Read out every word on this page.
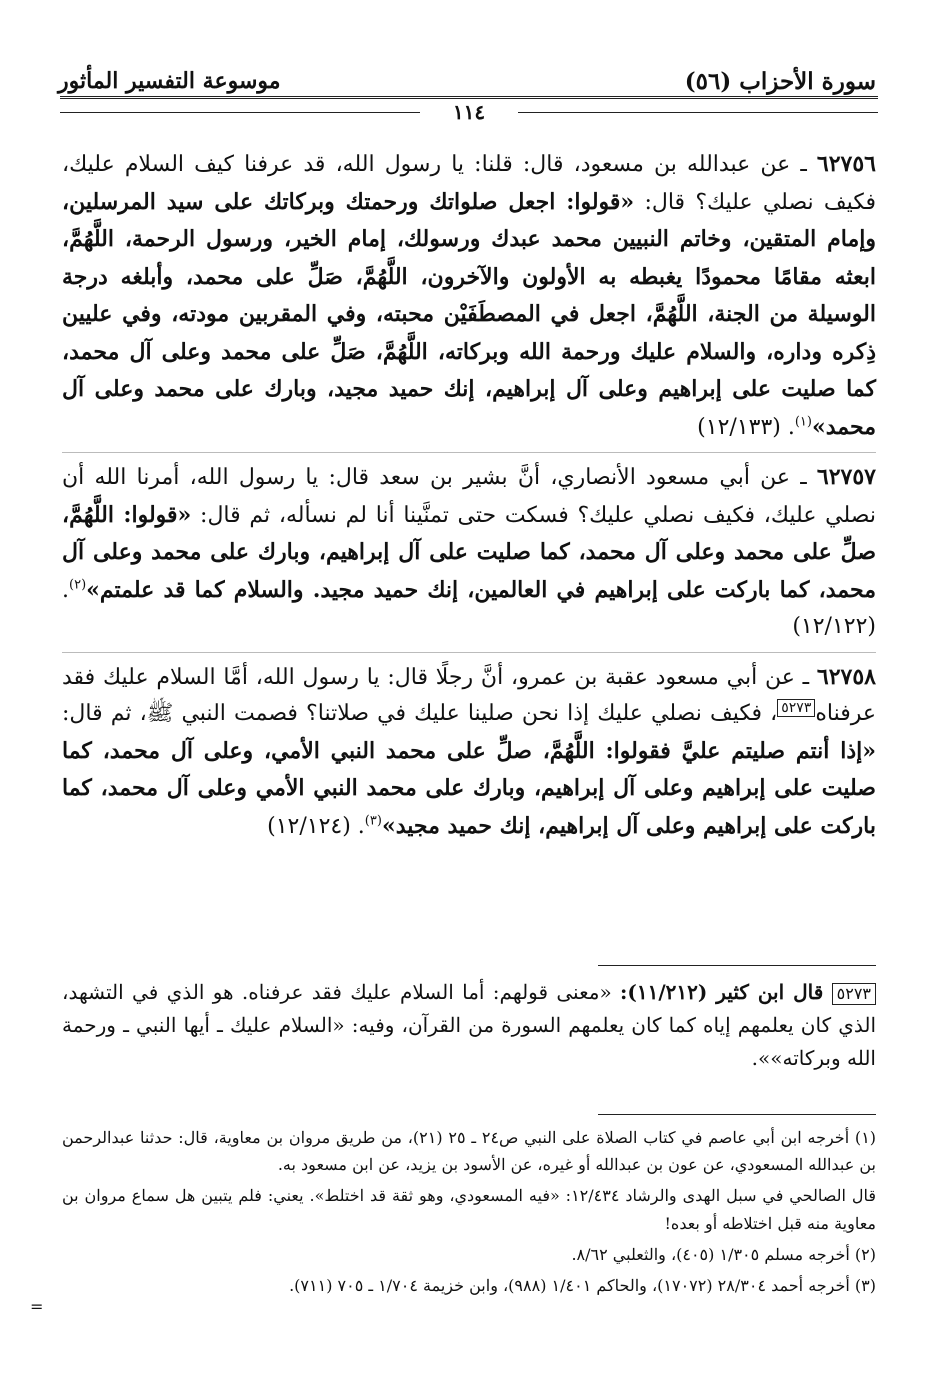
سورة الأحزاب (٥٦)
موسوعة التفسير المأثور
١١٤

٦٢٧٥٦ ـ عن عبدالله بن مسعود، قال: قلنا: يا رسول الله، قد عرفنا كيف السلام عليك، فكيف نصلي عليك؟ قال: «قولوا: اجعل صلواتك ورحمتك وبركاتك على سيد المرسلين، وإمام المتقين، وخاتم النبيين محمد عبدك ورسولك، إمام الخير، ورسول الرحمة، اللَّهُمَّ، ابعثه مقامًا محمودًا يغبطه به الأولون والآخرون، اللَّهُمَّ، صَلِّ على محمد، وأبلغه درجة الوسيلة من الجنة، اللَّهُمَّ، اجعل في المصطَفَيْن محبته، وفي المقربين مودته، وفي عليين ذِكره وداره، والسلام عليك ورحمة الله وبركاته، اللَّهُمَّ، صَلِّ على محمد وعلى آل محمد، كما صليت على إبراهيم وعلى آل إبراهيم، إنك حميد مجيد، وبارك على محمد وعلى آل محمد»$^{(١)}$. (١٢/١٣٣)

٦٢٧٥٧ ـ عن أبي مسعود الأنصاري، أنَّ بشير بن سعد قال: يا رسول الله، أمرنا الله أن نصلي عليك، فكيف نصلي عليك؟ فسكت حتى تمنَّينا أنا لم نسأله، ثم قال: «قولوا: اللَّهُمَّ، صلِّ على محمد وعلى آل محمد، كما صليت على آل إبراهيم، وبارك على محمد وعلى آل محمد، كما باركت على إبراهيم في العالمين، إنك حميد مجيد. والسلام كما قد علمتم»$^{(٢)}$. (١٢/١٢٢)

٦٢٧٥٨ ـ عن أبي مسعود عقبة بن عمرو، أنَّ رجلًا قال: يا رسول الله، أمَّا السلام عليك فقد عرفناه٥٢٧٣، فكيف نصلي عليك إذا نحن صلينا عليك في صلاتنا؟ فصمت النبي ﷺ، ثم قال: «إذا أنتم صليتم عليَّ فقولوا: اللَّهُمَّ، صلِّ على محمد النبي الأمي، وعلى آل محمد، كما صليت على إبراهيم وعلى آل إبراهيم، وبارك على محمد النبي الأمي وعلى آل محمد، كما باركت على إبراهيم وعلى آل إبراهيم، إنك حميد مجيد»$^{(٣)}$. (١٢/١٢٤)

٥٢٧٣ قال ابن كثير (١١/٢١٢): «معنى قولهم: أما السلام عليك فقد عرفناه. هو الذي في التشهد، الذي كان يعلمهم إياه كما كان يعلمهم السورة من القرآن، وفيه: «السلام عليك ـ أيها النبي ـ ورحمة الله وبركاته»».

(١) أخرجه ابن أبي عاصم في كتاب الصلاة على النبي ص٢٤ ـ ٢٥ (٢١)، من طريق مروان بن معاوية، قال: حدثنا عبدالرحمن بن عبدالله المسعودي، عن عون بن عبدالله أو غيره، عن الأسود بن يزيد، عن ابن مسعود به.

قال الصالحي في سبل الهدى والرشاد ١٢/٤٣٤: «فيه المسعودي، وهو ثقة قد اختلط». يعني: فلم يتبين هل سماع مروان بن معاوية منه قبل اختلاطه أو بعده!

(٢) أخرجه مسلم ١/٣٠٥ (٤٠٥)، والثعلبي ٨/٦٢.

(٣) أخرجه أحمد ٢٨/٣٠٤ (١٧٠٧٢)، والحاكم ١/٤٠١ (٩٨٨)، وابن خزيمة ١/٧٠٤ ـ ٧٠٥ (٧١١).

=
